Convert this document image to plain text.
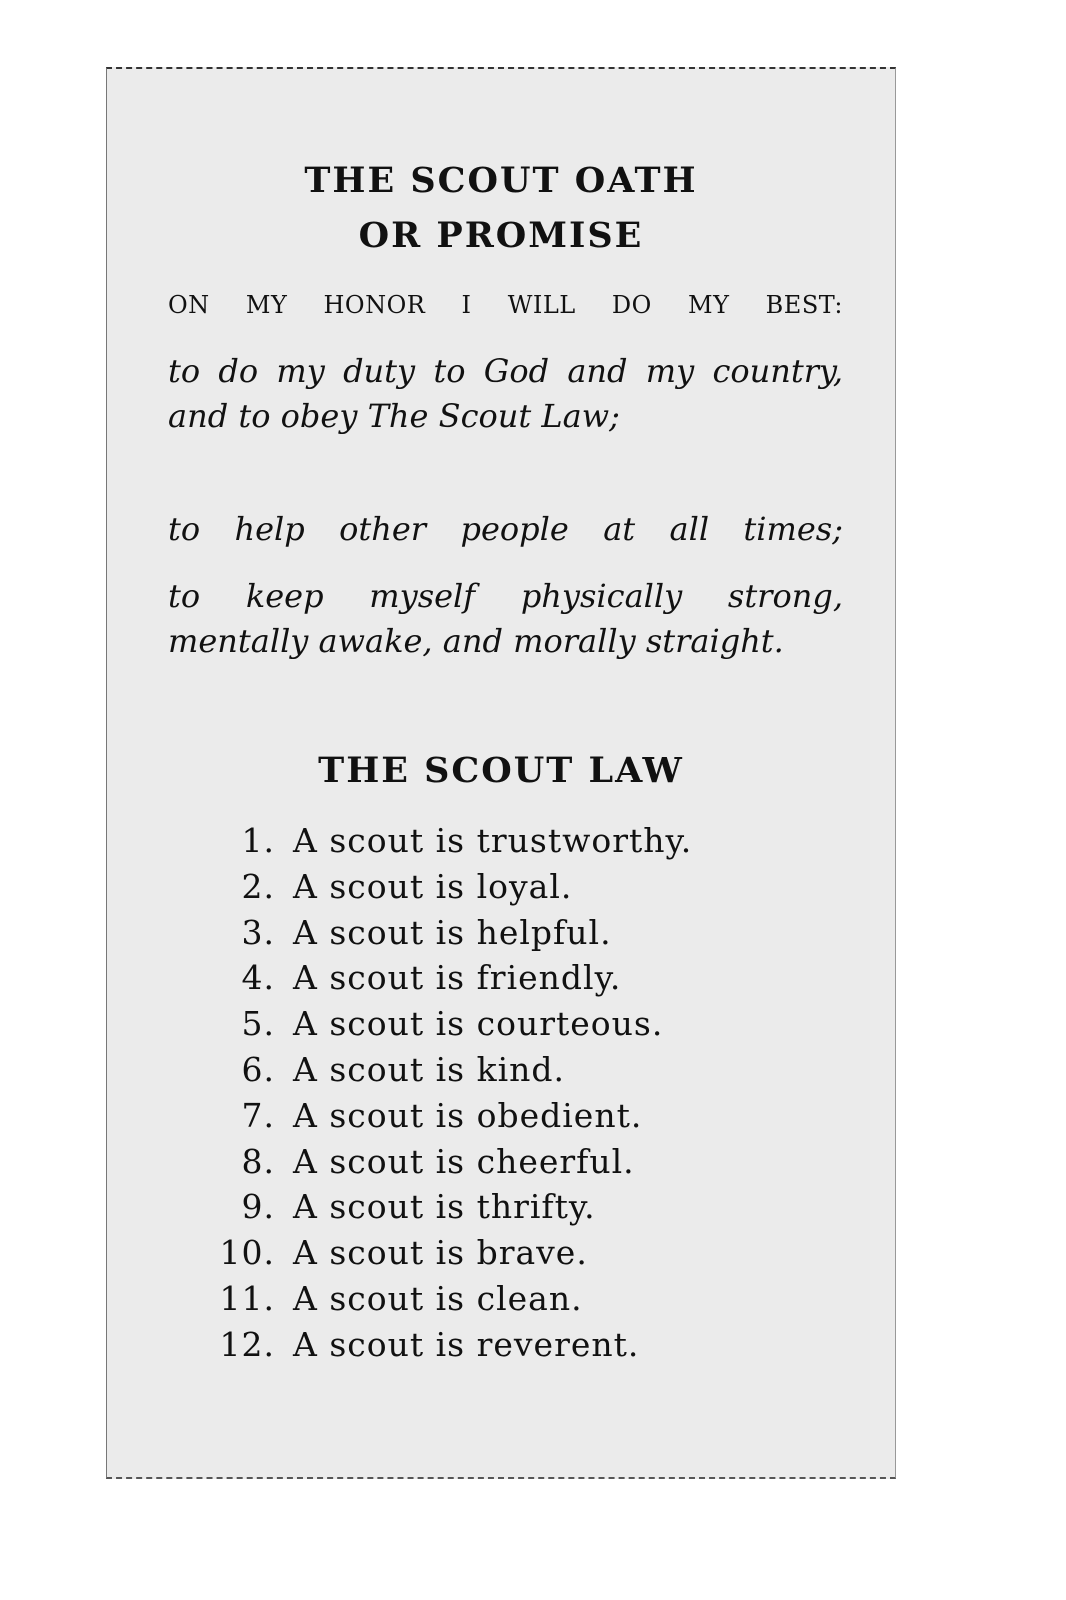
THE SCOUT OATH
OR PROMISE
ON MY HONOR I WILL DO MY BEST:
to do my duty to God and my country, and to obey The Scout Law;
to help other people at all times;
to keep myself physically strong, mentally awake, and morally straight.
THE SCOUT LAW
1. A scout is trustworthy.
2. A scout is loyal.
3. A scout is helpful.
4. A scout is friendly.
5. A scout is courteous.
6. A scout is kind.
7. A scout is obedient.
8. A scout is cheerful.
9. A scout is thrifty.
10. A scout is brave.
11. A scout is clean.
12. A scout is reverent.
